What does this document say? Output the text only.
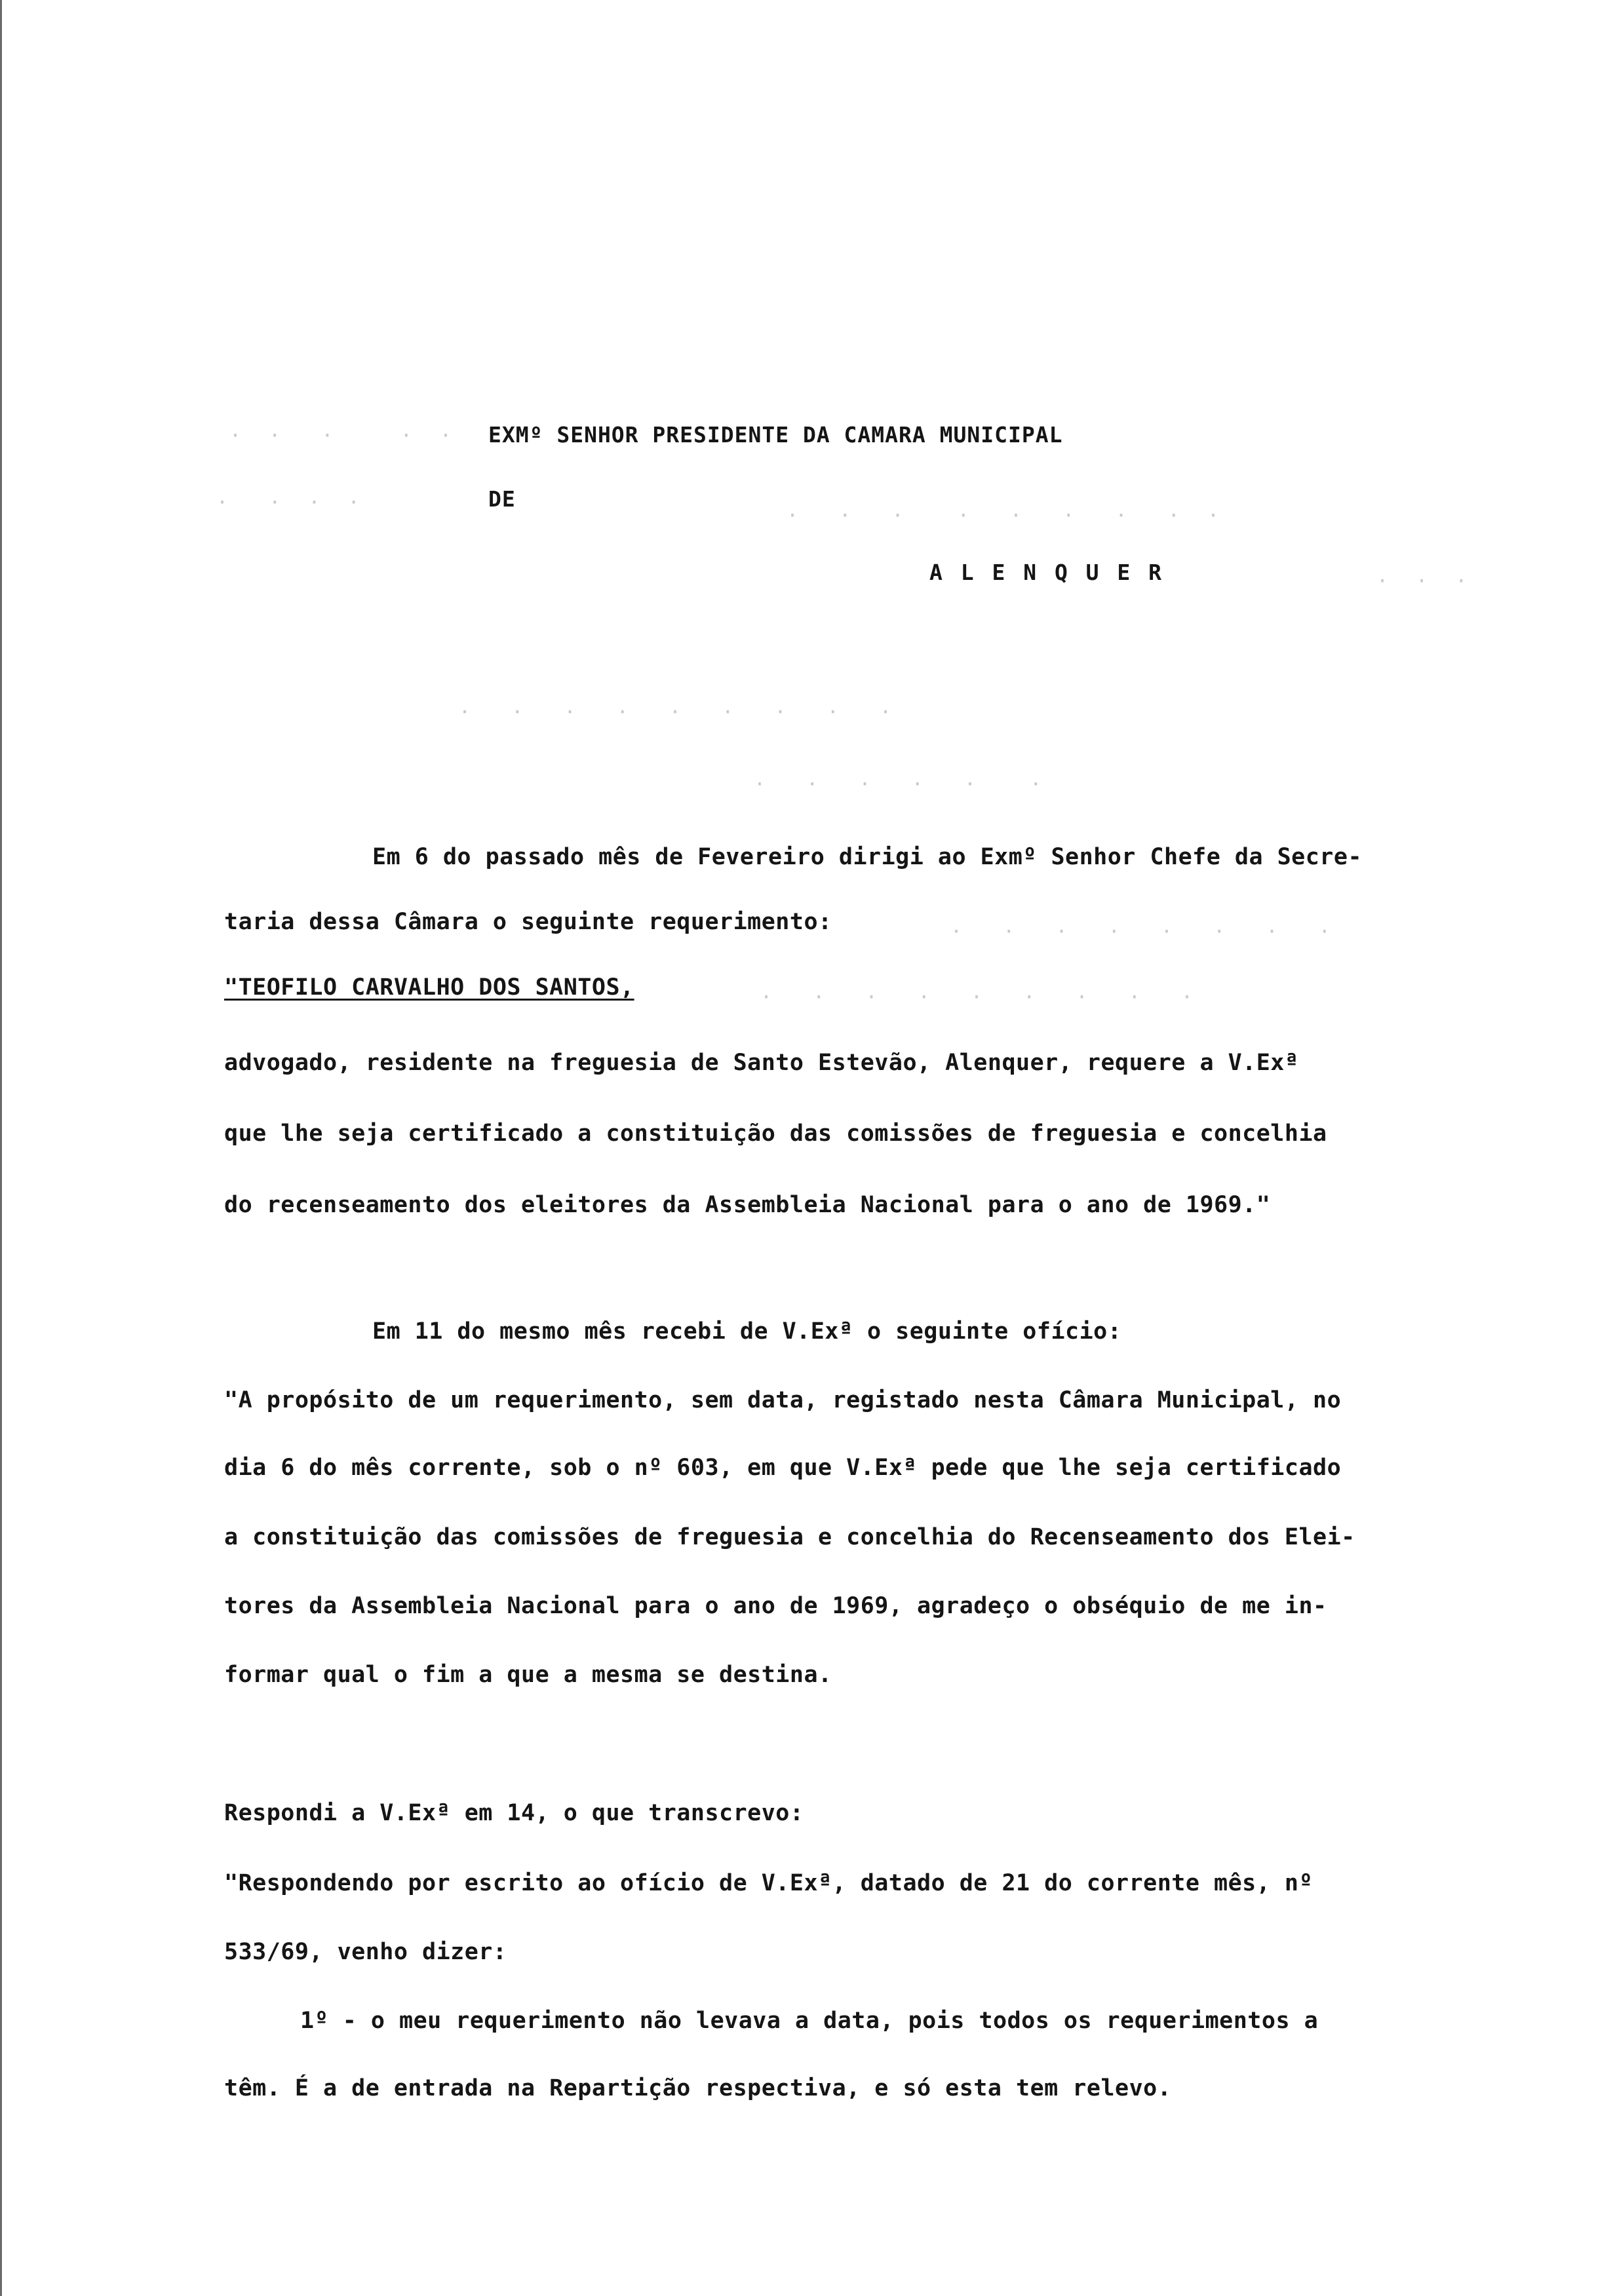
·  ·   ·     ·  ·
·   ·  ·  ·
·   ·   ·    ·   ·   ·   ·   ·  ·
·  ·  ·
·   ·   ·   ·   ·   ·   ·   ·   ·
·   ·   ·   ·   ·    ·
·   ·   ·   ·   ·   ·   ·   ·
·   ·   ·   ·   ·   ·   ·   ·   ·
EXMº SENHOR PRESIDENTE DA CAMARA MUNICIPAL
DE
A L E N Q U E R
Em 6 do passado mês de Fevereiro dirigi ao Exmº Senhor Chefe da Secre-
taria dessa Câmara o seguinte requerimento:
"TEOFILO CARVALHO DOS SANTOS,
advogado, residente na freguesia de Santo Estevão, Alenquer, requere a V.Exª
que lhe seja certificado a constituição das comissões de freguesia e concelhia
do recenseamento dos eleitores da Assembleia Nacional para o ano de 1969."
Em 11 do mesmo mês recebi de V.Exª o seguinte ofício:
"A propósito de um requerimento, sem data, registado nesta Câmara Municipal, no
dia 6 do mês corrente, sob o nº 603, em que V.Exª pede que lhe seja certificado
a constituição das comissões de freguesia e concelhia do Recenseamento dos Elei-
tores da Assembleia Nacional para o ano de 1969, agradeço o obséquio de me in-
formar qual o fim a que a mesma se destina.
Respondi a V.Exª em 14, o que transcrevo:
"Respondendo por escrito ao ofício de V.Exª, datado de 21 do corrente mês, nº
533/69, venho dizer:
1º - o meu requerimento não levava a data, pois todos os requerimentos a
têm. É a de entrada na Repartição respectiva, e só esta tem relevo.
